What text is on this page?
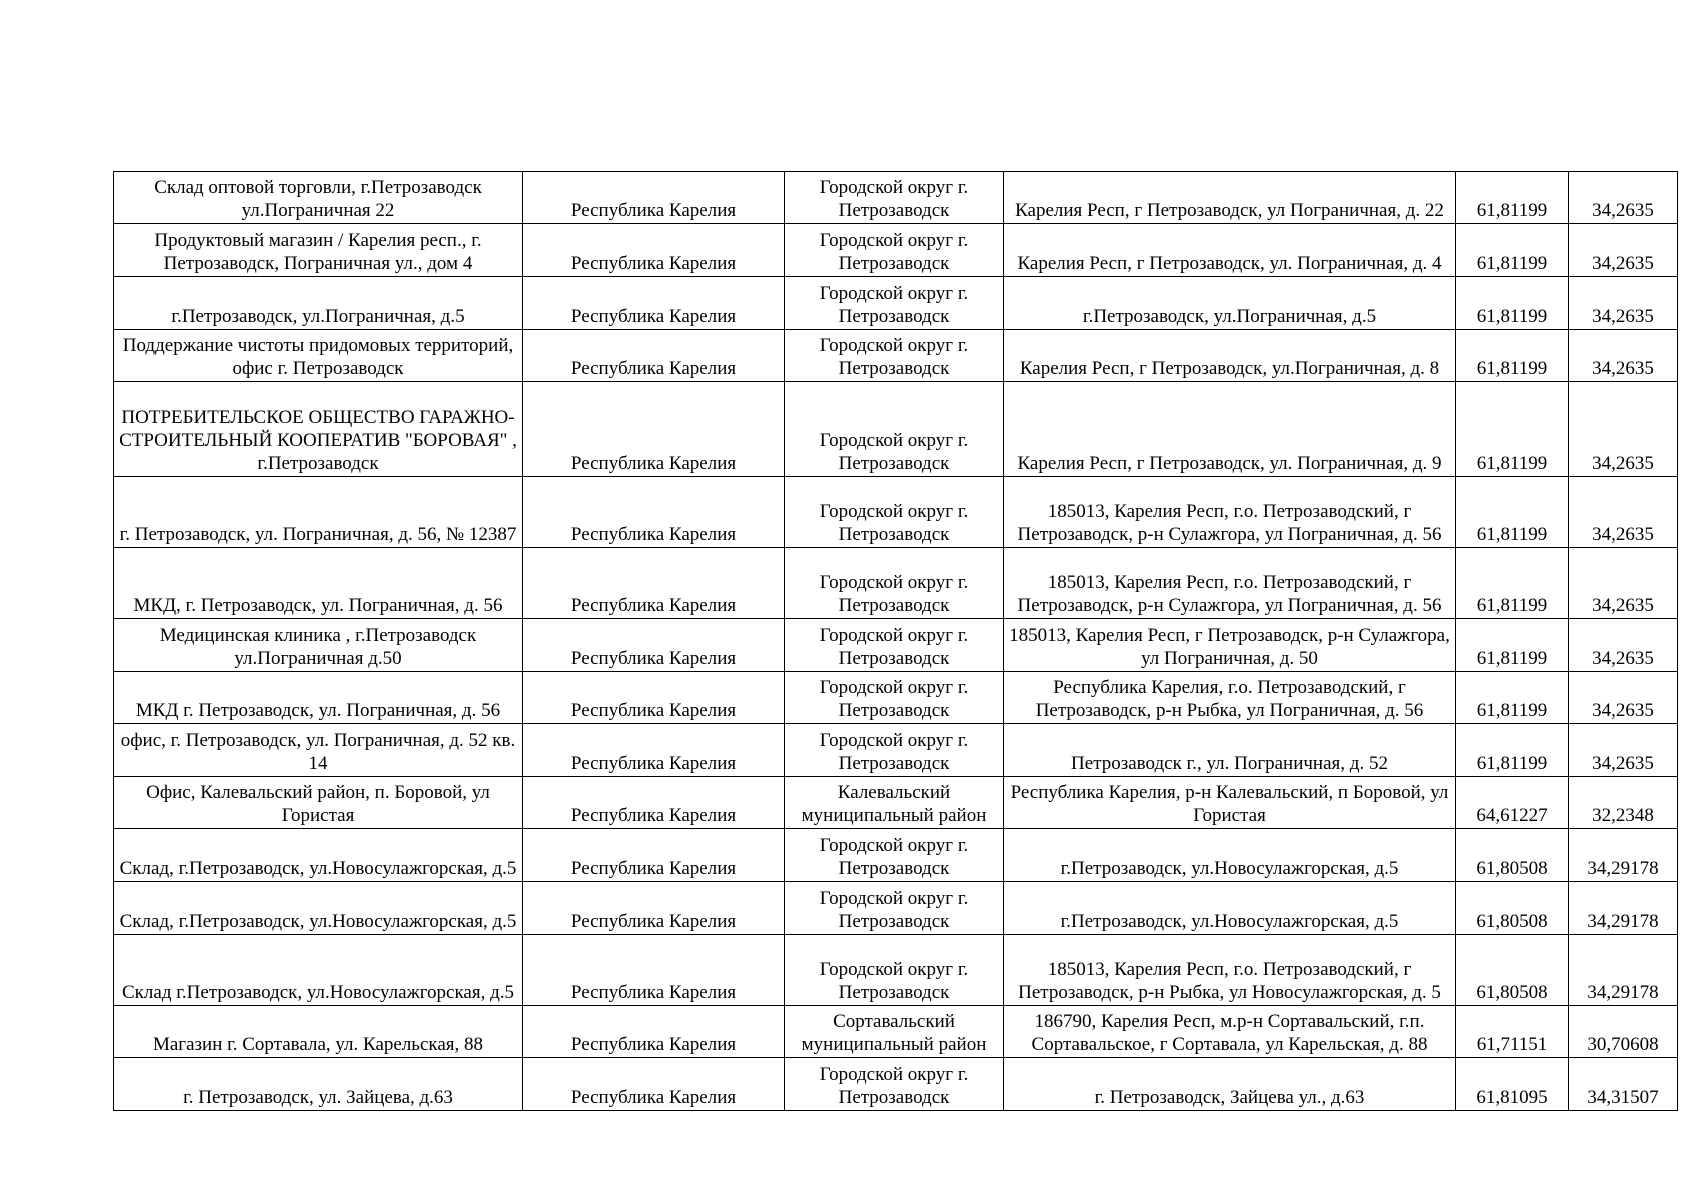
Склад оптовой торговли, г.Петрозаводск ул.Пограничная 22	Республика Карелия	Городской округ г. Петрозаводск	Карелия Респ, г Петрозаводск, ул Пограничная, д. 22	61,81199	34,2635
Продуктовый магазин / Карелия респ., г. Петрозаводск, Пограничная ул., дом 4	Республика Карелия	Городской округ г. Петрозаводск	Карелия Респ, г Петрозаводск, ул. Пограничная, д. 4	61,81199	34,2635
г.Петрозаводск, ул.Пограничная, д.5	Республика Карелия	Городской округ г. Петрозаводск	г.Петрозаводск, ул.Пограничная, д.5	61,81199	34,2635
Поддержание чистоты придомовых территорий, офис г. Петрозаводск	Республика Карелия	Городской округ г. Петрозаводск	Карелия Респ, г Петрозаводск, ул.Пограничная, д. 8	61,81199	34,2635
ПОТРЕБИТЕЛЬСКОЕ ОБЩЕСТВО ГАРАЖНО-СТРОИТЕЛЬНЫЙ КООПЕРАТИВ "БОРОВАЯ" , г.Петрозаводск	Республика Карелия	Городской округ г. Петрозаводск	Карелия Респ, г Петрозаводск, ул. Пограничная, д. 9	61,81199	34,2635
г. Петрозаводск, ул. Пограничная, д. 56, № 12387	Республика Карелия	Городской округ г. Петрозаводск	185013, Карелия Респ, г.о. Петрозаводский, г Петрозаводск, р-н Сулажгора, ул Пограничная, д. 56	61,81199	34,2635
МКД, г. Петрозаводск, ул. Пограничная, д. 56	Республика Карелия	Городской округ г. Петрозаводск	185013, Карелия Респ, г.о. Петрозаводский, г Петрозаводск, р-н Сулажгора, ул Пограничная, д. 56	61,81199	34,2635
Медицинская клиника , г.Петрозаводск ул.Пограничная д.50	Республика Карелия	Городской округ г. Петрозаводск	185013, Карелия Респ, г Петрозаводск, р-н Сулажгора, ул Пограничная, д. 50	61,81199	34,2635
МКД г. Петрозаводск, ул. Пограничная, д. 56	Республика Карелия	Городской округ г. Петрозаводск	Республика Карелия, г.о. Петрозаводский, г Петрозаводск, р-н Рыбка, ул Пограничная, д. 56	61,81199	34,2635
офис, г. Петрозаводск, ул. Пограничная, д. 52 кв. 14	Республика Карелия	Городской округ г. Петрозаводск	Петрозаводск г., ул. Пограничная, д. 52	61,81199	34,2635
Офис, Калевальский район, п. Боровой, ул Гористая	Республика Карелия	Калевальский муниципальный район	Республика Карелия, р-н Калевальский, п Боровой, ул Гористая	64,61227	32,2348
Склад, г.Петрозаводск, ул.Новосулажгорская, д.5	Республика Карелия	Городской округ г. Петрозаводск	г.Петрозаводск, ул.Новосулажгорская, д.5	61,80508	34,29178
Склад, г.Петрозаводск, ул.Новосулажгорская, д.5	Республика Карелия	Городской округ г. Петрозаводск	г.Петрозаводск, ул.Новосулажгорская, д.5	61,80508	34,29178
Склад г.Петрозаводск, ул.Новосулажгорская, д.5	Республика Карелия	Городской округ г. Петрозаводск	185013, Карелия Респ, г.о. Петрозаводский, г Петрозаводск, р-н Рыбка, ул Новосулажгорская, д. 5	61,80508	34,29178
Магазин г. Сортавала, ул. Карельская, 88	Республика Карелия	Сортавальский муниципальный район	186790, Карелия Респ, м.р-н Сортавальский, г.п. Сортавальское, г Сортавала, ул Карельская, д. 88	61,71151	30,70608
г. Петрозаводск, ул. Зайцева, д.63	Республика Карелия	Городской округ г. Петрозаводск	г. Петрозаводск, Зайцева ул., д.63	61,81095	34,31507
